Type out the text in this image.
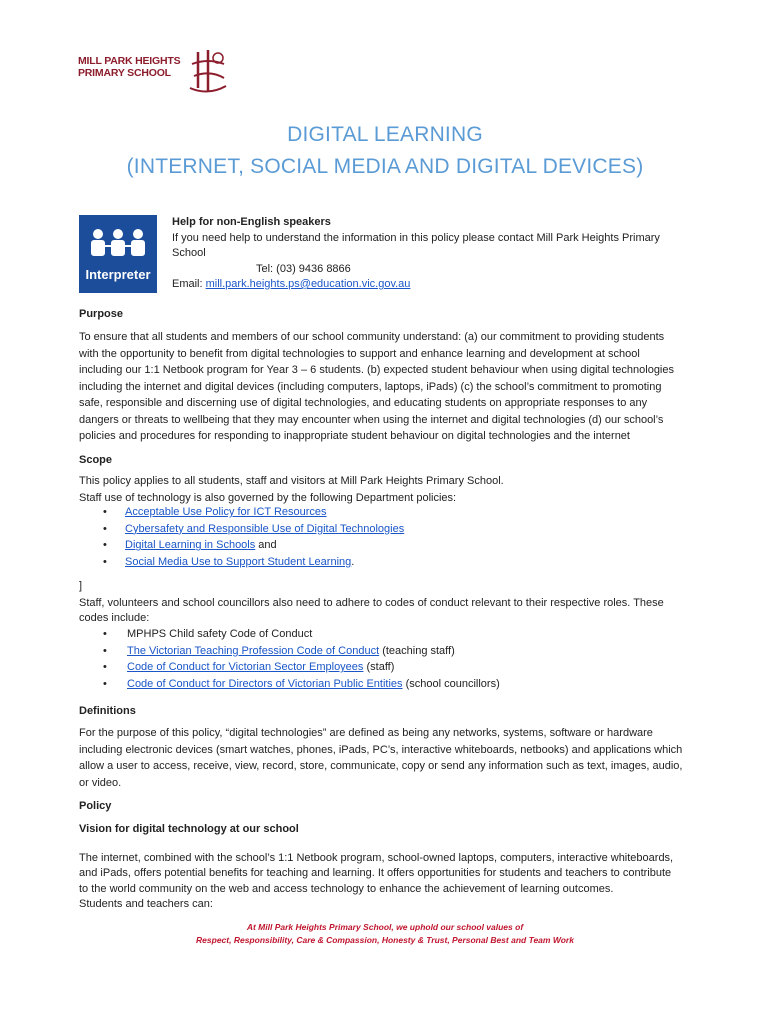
MILL PARK HEIGHTS
PRIMARY SCHOOL
DIGITAL LEARNING
(INTERNET, SOCIAL MEDIA AND DIGITAL DEVICES)
Interpreter
Help for non-English speakers
If you need help to understand the information in this policy please contact Mill Park Heights Primary
School
Tel: (03) 9436 8866
Email: mill.park.heights.ps@education.vic.gov.au
Purpose
To ensure that all students and members of our school community understand: (a) our commitment to providing students
with the opportunity to benefit from digital technologies to support and enhance learning and development at school
including our 1:1 Netbook program for Year 3 – 6 students. (b) expected student behaviour when using digital technologies
including the internet and digital devices (including computers, laptops, iPads) (c) the school’s commitment to promoting
safe, responsible and discerning use of digital technologies, and educating students on appropriate responses to any
dangers or threats to wellbeing that they may encounter when using the internet and digital technologies (d) our school’s
policies and procedures for responding to inappropriate student behaviour on digital technologies and the internet
Scope
This policy applies to all students, staff and visitors at Mill Park Heights Primary School.
Staff use of technology is also governed by the following Department policies:
• Acceptable Use Policy for ICT Resources
• Cybersafety and Responsible Use of Digital Technologies
• Digital Learning in Schools and
• Social Media Use to Support Student Learning.
]
Staff, volunteers and school councillors also need to adhere to codes of conduct relevant to their respective roles. These
codes include:
• MPHPS Child safety Code of Conduct
• The Victorian Teaching Profession Code of Conduct (teaching staff)
• Code of Conduct for Victorian Sector Employees (staff)
• Code of Conduct for Directors of Victorian Public Entities (school councillors)
Definitions
For the purpose of this policy, “digital technologies” are defined as being any networks, systems, software or hardware
including electronic devices (smart watches, phones, iPads, PC’s, interactive whiteboards, netbooks) and applications which
allow a user to access, receive, view, record, store, communicate, copy or send any information such as text, images, audio,
or video.
Policy
Vision for digital technology at our school
The internet, combined with the school’s 1:1 Netbook program, school-owned laptops, computers, interactive whiteboards,
and iPads, offers potential benefits for teaching and learning. It offers opportunities for students and teachers to contribute
to the world community on the web and access technology to enhance the achievement of learning outcomes.
Students and teachers can:
At Mill Park Heights Primary School, we uphold our school values of
Respect, Responsibility, Care & Compassion, Honesty & Trust, Personal Best and Team Work
